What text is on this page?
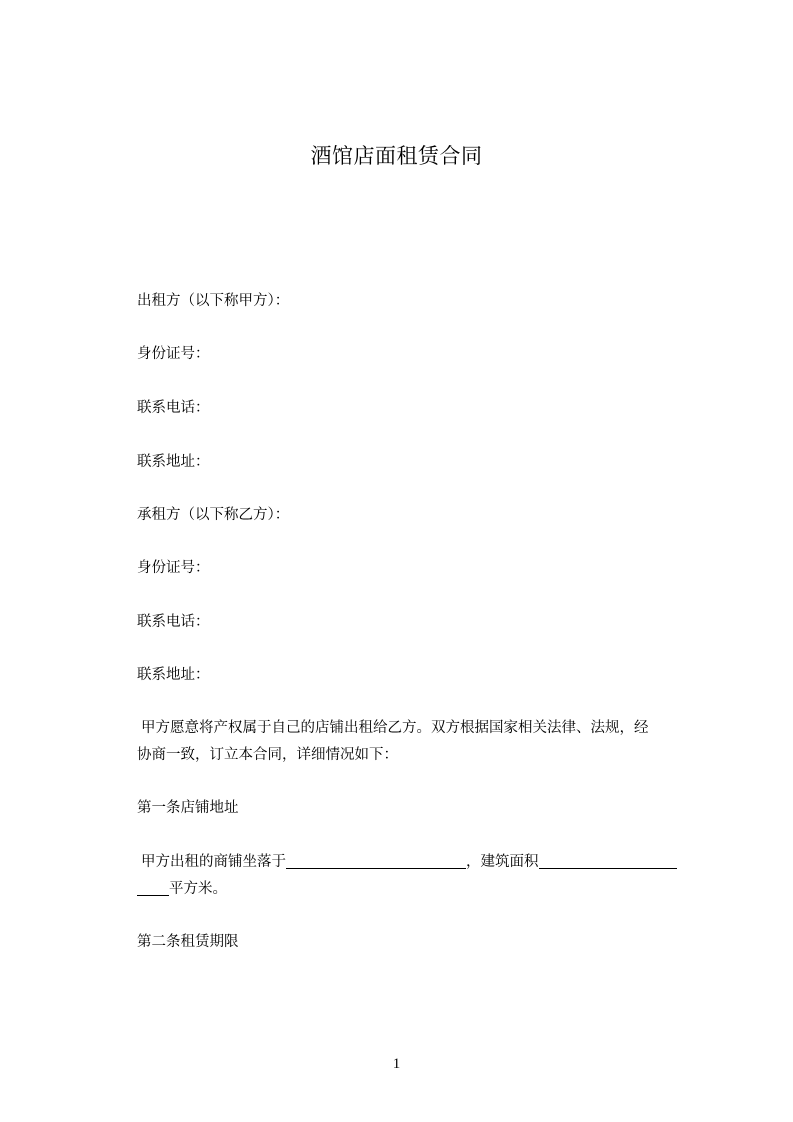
酒馆店面租赁合同
出租方（以下称甲方）：
身份证号：
联系电话：
联系地址：
承租方（以下称乙方）：
身份证号：
联系电话：
联系地址：
甲方愿意将产权属于自己的店铺出租给乙方。双方根据国家相关法律、法规，经
协商一致，订立本合同，详细情况如下：
第一条店铺地址
甲方出租的商铺坐落于	，建筑面积
平方米。
第二条租赁期限
1
